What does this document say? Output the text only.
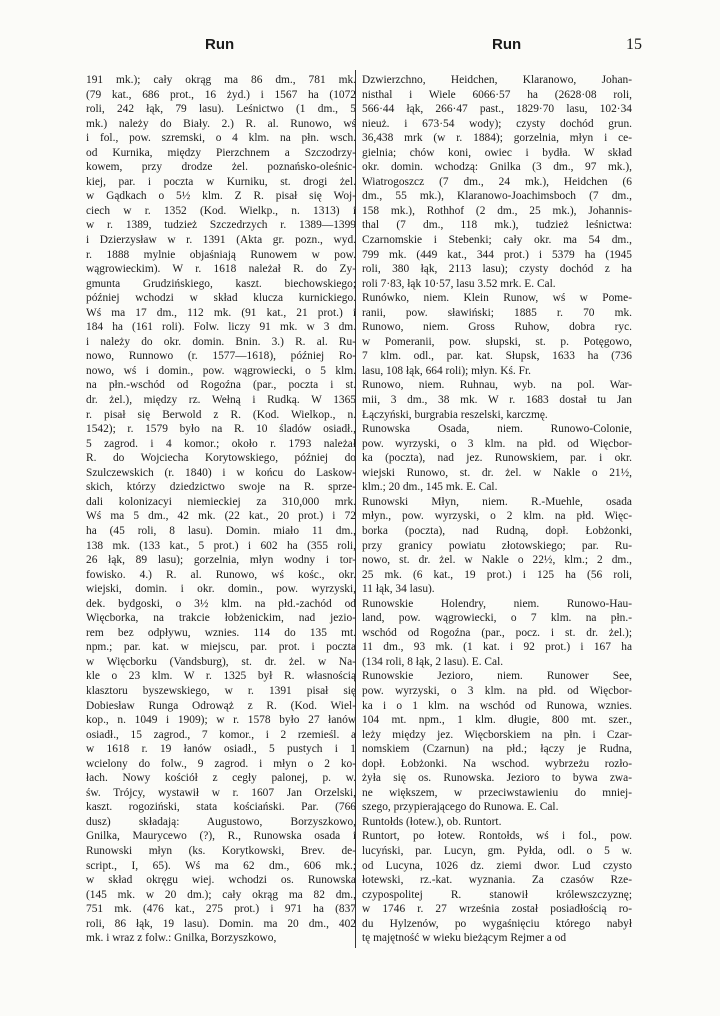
Run	Run	15
191 mk.); cały okrąg ma 86 dm., 781 mk.
(79 kat., 686 prot., 16 żyd.) i 1567 ha (1072
roli, 242 łąk, 79 lasu). Leśnictwo (1 dm., 5
mk.) należy do Biały. 2.) R. al. Runowo, wś
i fol., pow. szremski, o 4 klm. na płn. wsch.
od Kurnika, między Pierzchnem a Szczodrzy-
kowem, przy drodze żel. poznańsko-oleśnic-
kiej, par. i poczta w Kurniku, st. drogi żel.
w Gądkach o 5½ klm. Z R. pisał się Woj-
ciech w r. 1352 (Kod. Wielkp., n. 1313) i
w r. 1389, tudzież Szczedrzych r. 1389—1399
i Dzierzysław w r. 1391 (Akta gr. pozn., wyd.
r. 1888 mylnie objaśniają Runowem w pow.
wągrowieckim). W r. 1618 należał R. do Zy-
gmunta Grudzińskiego, kaszt. biechowskiego;
później wchodzi w skład klucza kurnickiego.
Wś ma 17 dm., 112 mk. (91 kat., 21 prot.) i
184 ha (161 roli). Folw. liczy 91 mk. w 3 dm.
i należy do okr. domin. Bnin. 3.) R. al. Ru-
nowo, Runnowo (r. 1577—1618), później Ro-
nowo, wś i domin., pow. wągrowiecki, o 5 klm.
na płn.-wschód od Rogoźna (par., poczta i st.
dr. żel.), między rz. Wełną i Rudką. W 1365
r. pisał się Berwold z R. (Kod. Wielkop., n.
1542); r. 1579 było na R. 10 śladów osiadł.,
5 zagrod. i 4 komor.; około r. 1793 należał
R. do Wojciecha Korytowskiego, później do
Szulczewskich (r. 1840) i w końcu do Laskow-
skich, którzy dziedzictwo swoje na R. sprze-
dali kolonizacyi niemieckiej za 310,000 mrk.
Wś ma 5 dm., 42 mk. (22 kat., 20 prot.) i 72
ha (45 roli, 8 lasu). Domin. miało 11 dm.,
138 mk. (133 kat., 5 prot.) i 602 ha (355 roli,
26 łąk, 89 lasu); gorzelnia, młyn wodny i tor-
fowisko. 4.) R. al. Runowo, wś kośc., okr.
wiejski, domin. i okr. domin., pow. wyrzyski,
dek. bydgoski, o 3½ klm. na płd.-zachód od
Więcborka, na trakcie łobżenickim, nad jezio-
rem bez odpływu, wznies. 114 do 135 mt.
npm.; par. kat. w miejscu, par. prot. i poczta
w Więcborku (Vandsburg), st. dr. żel. w Na-
kle o 23 klm. W r. 1325 był R. własnością
klasztoru byszewskiego, w r. 1391 pisał się
Dobiesław Runga Odrowąż z R. (Kod. Wiel-
kop., n. 1049 i 1909); w r. 1578 było 27 łanów
osiadł., 15 zagrod., 7 komor., i 2 rzemieśl. a
w 1618 r. 19 łanów osiadł., 5 pustych i 1
wcielony do folw., 9 zagrod. i młyn o 2 ko-
łach. Nowy kościół z cegły palonej, p. w.
św. Trójcy, wystawił w r. 1607 Jan Orzelski,
kaszt. rogoziński, stata kościański. Par. (766
dusz) składają: Augustowo, Borzyszkowo,
Gnilka, Maurycewo (?), R., Runowska osada i
Runowski młyn (ks. Korytkowski, Brev. de-
script., I, 65). Wś ma 62 dm., 606 mk.;
w skład okręgu wiej. wchodzi os. Runowska
(145 mk. w 20 dm.); cały okrąg ma 82 dm.,
751 mk. (476 kat., 275 prot.) i 971 ha (837
roli, 86 łąk, 19 lasu). Domin. ma 20 dm., 402
mk. i wraz z folw.: Gnilka, Borzyszkowo,
Dzwierzchno, Heidchen, Klaranowo, Johan-
nisthal i Wiele 6066·57 ha (2628·08 roli,
566·44 łąk, 266·47 past., 1829·70 lasu, 102·34
nieuż. i 673·54 wody); czysty dochód grun.
36,438 mrk (w r. 1884); gorzelnia, młyn i ce-
gielnia; chów koni, owiec i bydła. W skład
okr. domin. wchodzą: Gnilka (3 dm., 97 mk.),
Wiatrogoszcz (7 dm., 24 mk.), Heidchen (6
dm., 55 mk.), Klaranowo-Joachimsboch (7 dm.,
158 mk.), Rothhof (2 dm., 25 mk.), Johannis-
thal (7 dm., 118 mk.), tudzież leśnictwa:
Czarnomskie i Stebenki; cały okr. ma 54 dm.,
799 mk. (449 kat., 344 prot.) i 5379 ha (1945
roli, 380 łąk, 2113 lasu); czysty dochód z ha
roli 7·83, łąk 10·57, lasu 3.52 mrk. E. Cal.
Runówko, niem. Klein Runow, wś w Pome-
ranii, pow. sławiński; 1885 r. 70 mk.
Runowo, niem. Gross Ruhow, dobra ryc.
w Pomeranii, pow. słupski, st. p. Potęgowo,
7 klm. odl., par. kat. Słupsk, 1633 ha (736
lasu, 108 łąk, 664 roli); młyn. Kś. Fr.
Runowo, niem. Ruhnau, wyb. na pol. War-
mii, 3 dm., 38 mk. W r. 1683 dostał tu Jan
Łączyński, burgrabia reszelski, karczmę.
Runowska Osada, niem. Runowo-Colonie,
pow. wyrzyski, o 3 klm. na płd. od Więcbor-
ka (poczta), nad jez. Runowskiem, par. i okr.
wiejski Runowo, st. dr. żel. w Nakle o 21½,
klm.; 20 dm., 145 mk. E. Cal.
Runowski Młyn, niem. R.-Muehle, osada
młyn., pow. wyrzyski, o 2 klm. na płd. Więc-
borka (poczta), nad Rudną, dopł. Łobżonki,
przy granicy powiatu złotowskiego; par. Ru-
nowo, st. dr. żel. w Nakle o 22½, klm.; 2 dm.,
25 mk. (6 kat., 19 prot.) i 125 ha (56 roli,
11 łąk, 34 lasu).
Runowskie Holendry, niem. Runowo-Hau-
land, pow. wągrowiecki, o 7 klm. na płn.-
wschód od Rogoźna (par., pocz. i st. dr. żel.);
11 dm., 93 mk. (1 kat. i 92 prot.) i 167 ha
(134 roli, 8 łąk, 2 lasu). E. Cal.
Runowskie Jezioro, niem. Runower See,
pow. wyrzyski, o 3 klm. na płd. od Więcbor-
ka i o 1 klm. na wschód od Runowa, wznies.
104 mt. npm., 1 klm. długie, 800 mt. szer.,
leży między jez. Więcborskiem na płn. i Czar-
nomskiem (Czarnun) na płd.; łączy je Rudna,
dopł. Łobżonki. Na wschod. wybrzeżu rozło-
żyła się os. Runowska. Jezioro to bywa zwa-
ne większem, w przeciwstawieniu do mniej-
szego, przypierającego do Runowa. E. Cal.
Runtołds (łotew.), ob. Runtort.
Runtort, po łotew. Rontołds, wś i fol., pow.
lucyński, par. Lucyn, gm. Pyłda, odl. o 5 w.
od Lucyna, 1026 dz. ziemi dwor. Lud czysto
łotewski, rz.-kat. wyznania. Za czasów Rze-
czypospolitej R. stanowił królewszczyznę;
w 1746 r. 27 września został posiadłością ro-
du Hylzenów, po wygaśnięciu którego nabył
tę majętność w wieku bieżącym Rejmer a od
